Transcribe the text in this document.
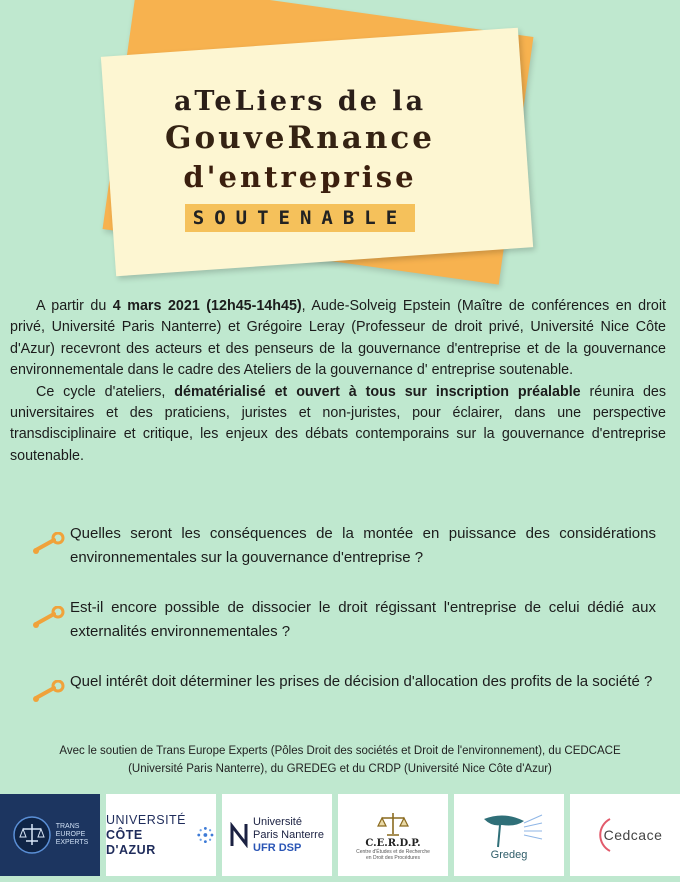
aTeLiers de la
GouveRnance
d'entreprise
SOUTENABLE

A partir du 4 mars 2021 (12h45-14h45), Aude-Solveig Epstein (Maître de conférences en droit privé, Université Paris Nanterre) et Grégoire Leray (Professeur de droit privé, Université Nice Côte d'Azur) recevront des acteurs et des penseurs de la gouvernance d'entreprise et de la gouvernance environnementale dans le cadre des Ateliers de la gouvernance d' entreprise soutenable.

Ce cycle d'ateliers, dématérialisé et ouvert à tous sur inscription préalable réunira des universitaires et des praticiens, juristes et non-juristes, pour éclairer, dans une perspective transdisciplinaire et critique, les enjeux des débats contemporains sur la gouvernance d'entreprise soutenable.

Quelles seront les conséquences de la montée en puissance des considérations environnementales sur la gouvernance d'entreprise ?
Est-il encore possible de dissocier le droit régissant l'entreprise de celui dédié aux externalités environnementales ?
Quel intérêt doit déterminer les prises de décision d'allocation des profits de la société ?
Avec le soutien de Trans Europe Experts (Pôles Droit des sociétés et Droit de l'environnement), du CEDCACE
(Université Paris Nanterre), du GREDEG et du CRDP (Université Nice Côte d'Azur)
TRANS
EUROPE
EXPERTS
UNIVERSITÉ
CÔTE D'AZUR
Université
Paris Nanterre
UFR DSP	C.E.R.D.P.
Centre d'Études et de Recherche
en Droit des Procédures	Gredeg
Cedcace
